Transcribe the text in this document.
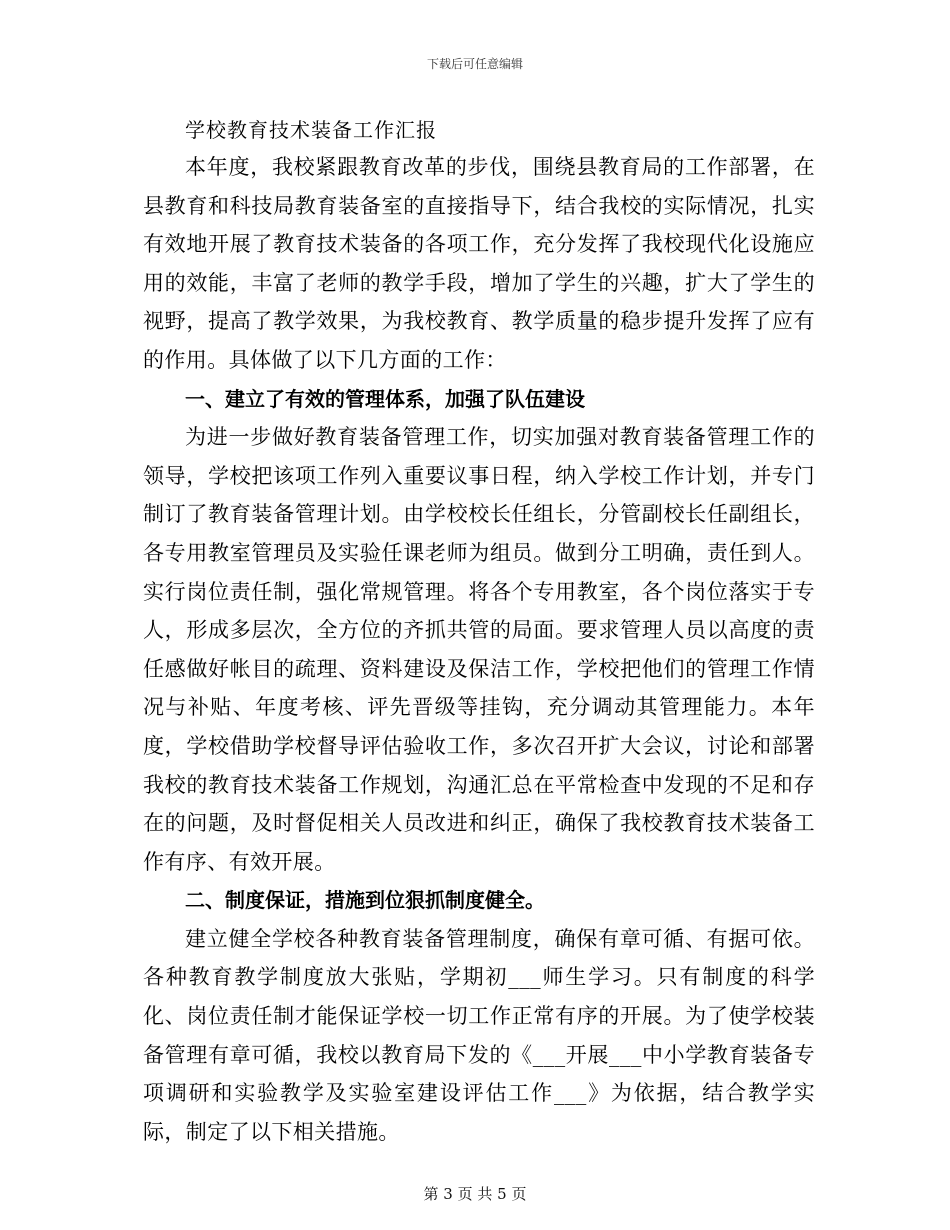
下载后可任意编辑
学校教育技术装备工作汇报

本年度，我校紧跟教育改革的步伐，围绕县教育局的工作部署，在县教育和科技局教育装备室的直接指导下，结合我校的实际情况，扎实有效地开展了教育技术装备的各项工作，充分发挥了我校现代化设施应用的效能，丰富了老师的教学手段，增加了学生的兴趣，扩大了学生的视野，提高了教学效果，为我校教育、教学质量的稳步提升发挥了应有的作用。具体做了以下几方面的工作：

一、建立了有效的管理体系，加强了队伍建设

为进一步做好教育装备管理工作，切实加强对教育装备管理工作的领导，学校把该项工作列入重要议事日程，纳入学校工作计划，并专门制订了教育装备管理计划。由学校校长任组长，分管副校长任副组长，各专用教室管理员及实验任课老师为组员。做到分工明确，责任到人。实行岗位责任制，强化常规管理。将各个专用教室，各个岗位落实于专人，形成多层次，全方位的齐抓共管的局面。要求管理人员以高度的责任感做好帐目的疏理、资料建设及保洁工作，学校把他们的管理工作情况与补贴、年度考核、评先晋级等挂钩，充分调动其管理能力。本年度，学校借助学校督导评估验收工作，多次召开扩大会议，讨论和部署我校的教育技术装备工作规划，沟通汇总在平常检查中发现的不足和存在的问题，及时督促相关人员改进和纠正，确保了我校教育技术装备工作有序、有效开展。

二、制度保证，措施到位狠抓制度健全。

建立健全学校各种教育装备管理制度，确保有章可循、有据可依。各种教育教学制度放大张贴，学期初___师生学习。只有制度的科学化、岗位责任制才能保证学校一切工作正常有序的开展。为了使学校装备管理有章可循，我校以教育局下发的《___开展___中小学教育装备专项调研和实验教学及实验室建设评估工作___》为依据，结合教学实际，制定了以下相关措施。

第 3 页 共 5 页
